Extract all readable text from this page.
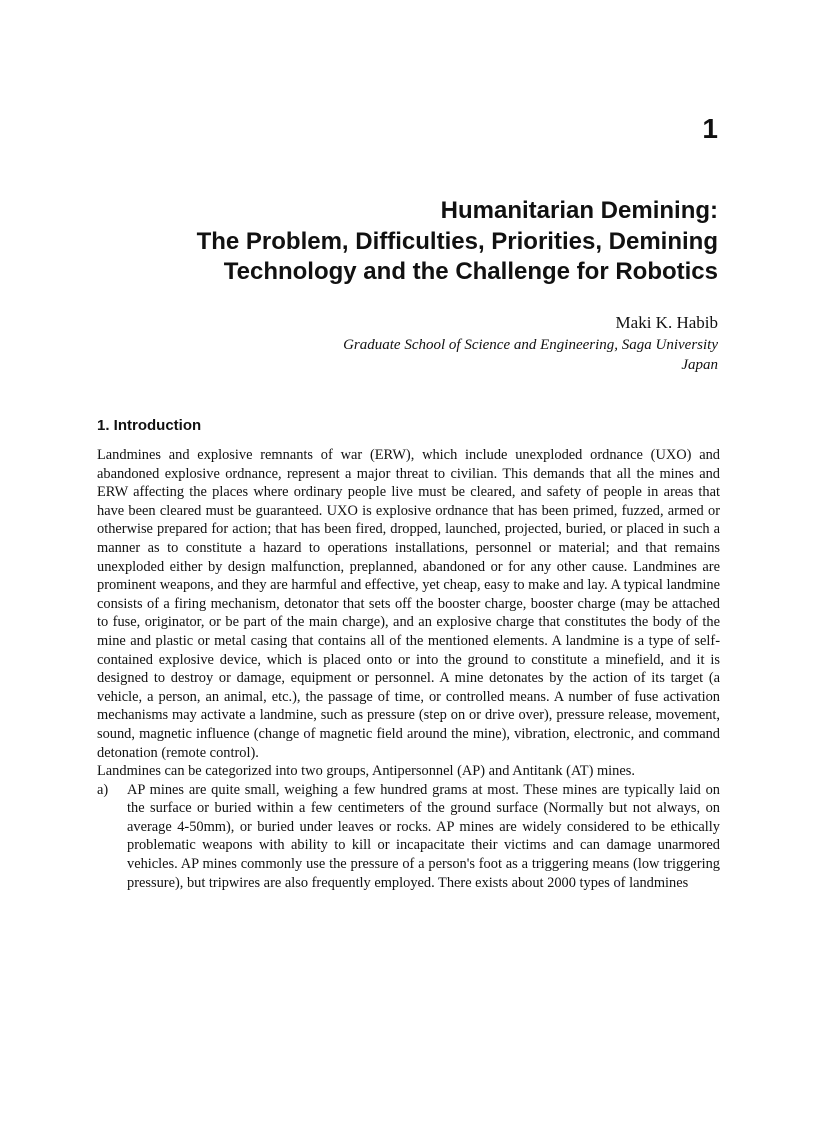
1
Humanitarian Demining:
The Problem, Difficulties, Priorities, Demining
Technology and the Challenge for Robotics
Maki K. Habib
Graduate School of Science and Engineering, Saga University
Japan
1. Introduction

Landmines and explosive remnants of war (ERW), which include unexploded ordnance (UXO) and abandoned explosive ordnance, represent a major threat to civilian. This demands that all the mines and ERW affecting the places where ordinary people live must be cleared, and safety of people in areas that have been cleared must be guaranteed. UXO is explosive ordnance that has been primed, fuzzed, armed or otherwise prepared for action; that has been fired, dropped, launched, projected, buried, or placed in such a manner as to constitute a hazard to operations installations, personnel or material; and that remains unexploded either by design malfunction, preplanned, abandoned or for any other cause. Landmines are prominent weapons, and they are harmful and effective, yet cheap, easy to make and lay. A typical landmine consists of a firing mechanism, detonator that sets off the booster charge, booster charge (may be attached to fuse, originator, or be part of the main charge), and an explosive charge that constitutes the body of the mine and plastic or metal casing that contains all of the mentioned elements. A landmine is a type of self-contained explosive device, which is placed onto or into the ground to constitute a minefield, and it is designed to destroy or damage, equipment or personnel. A mine detonates by the action of its target (a vehicle, a person, an animal, etc.), the passage of time, or controlled means. A number of fuse activation mechanisms may activate a landmine, such as pressure (step on or drive over), pressure release, movement, sound, magnetic influence (change of magnetic field around the mine), vibration, electronic, and command detonation (remote control).

Landmines can be categorized into two groups, Antipersonnel (AP) and Antitank (AT) mines.

a)	AP mines are quite small, weighing a few hundred grams at most. These mines are typically laid on the surface or buried within a few centimeters of the ground surface (Normally but not always, on average 4-50mm), or buried under leaves or rocks. AP mines are widely considered to be ethically problematic weapons with ability to kill or incapacitate their victims and can damage unarmored vehicles. AP mines commonly use the pressure of a person's foot as a triggering means (low triggering pressure), but tripwires are also frequently employed. There exists about 2000 types of landmines
